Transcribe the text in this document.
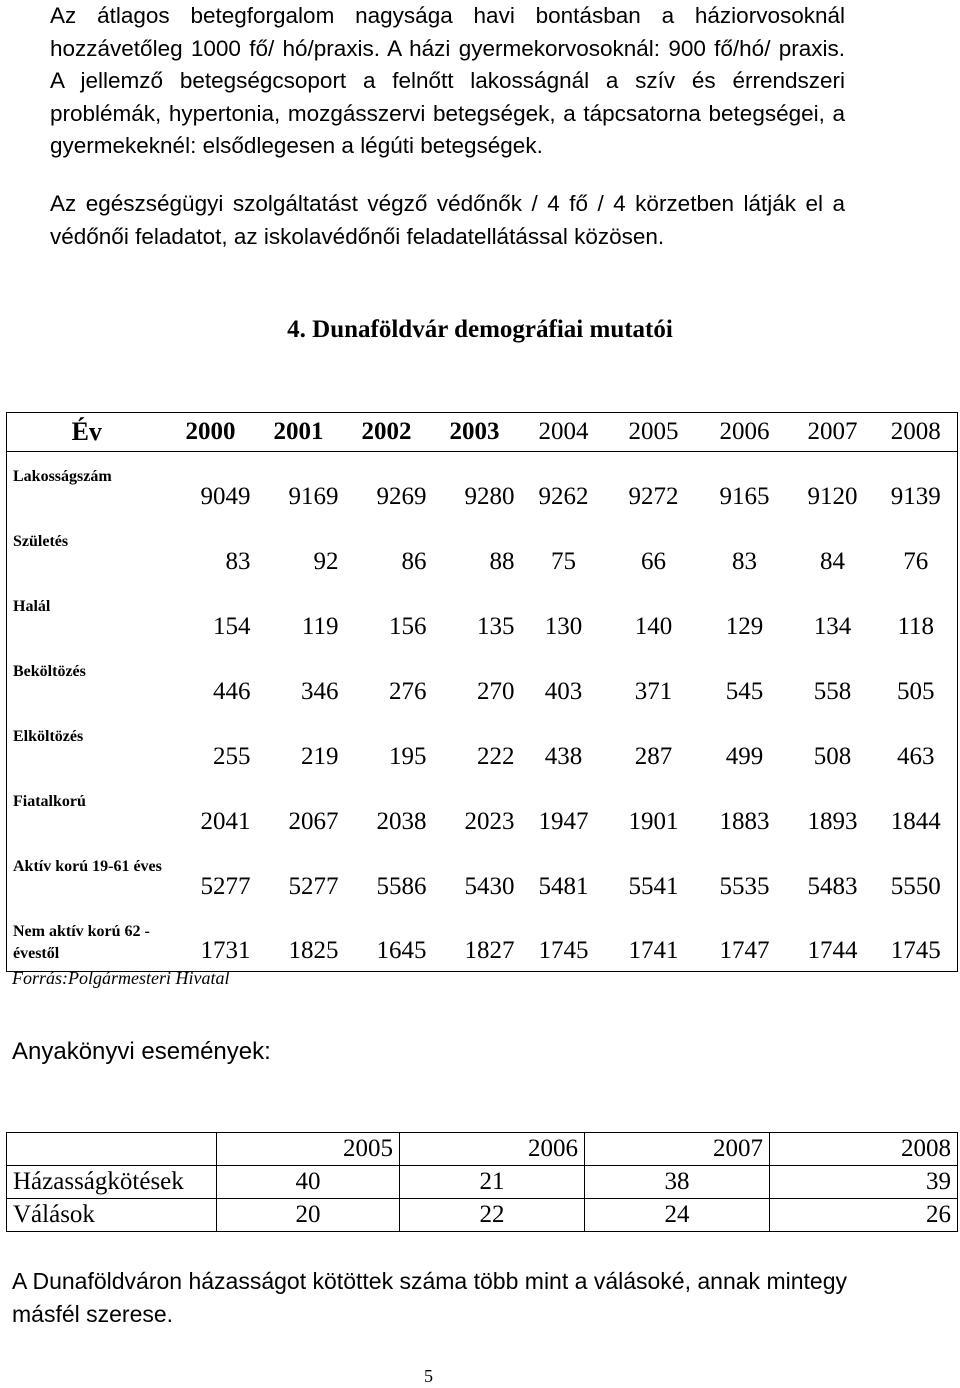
Az átlagos betegforgalom nagysága havi bontásban a háziorvosoknál hozzávetőleg 1000 fő/ hó/praxis. A házi gyermekorvosoknál: 900 fő/hó/ praxis. A jellemző betegségcsoport a felnőtt lakosságnál a szív és érrendszeri problémák, hypertonia, mozgásszervi betegségek, a tápcsatorna betegségei, a gyermekeknél: elsődlegesen a légúti betegségek.

Az egészségügyi szolgáltatást végző védőnők / 4 fő / 4 körzetben látják el a védőnői feladatot, az iskolavédőnői feladatellátással közösen.

4. Dunaföldvár demográfiai mutatói
Év	2000	2001	2002	2003	2004	2005	2006	2007	2008
Lakosságszám	9049	9169	9269	9280	9262	9272	9165	9120	9139
Születés	83	92	86	88	75	66	83	84	76
Halál	154	119	156	135	130	140	129	134	118
Beköltözés	446	346	276	270	403	371	545	558	505
Elköltözés	255	219	195	222	438	287	499	508	463
Fiatalkorú	2041	2067	2038	2023	1947	1901	1883	1893	1844
Aktív korú 19-61 éves	5277	5277	5586	5430	5481	5541	5535	5483	5550
Nem aktív korú 62 - évestől	1731	1825	1645	1827	1745	1741	1747	1744	1745
Forrás:Polgármesteri Hivatal
Anyakönyvi események:
	2005	2006	2007	2008
Házasságkötések	40	21	38	39
Válások	20	22	24	26

A Dunaföldváron házasságot kötöttek száma több mint a válásoké, annak mintegy másfél szerese.

5
